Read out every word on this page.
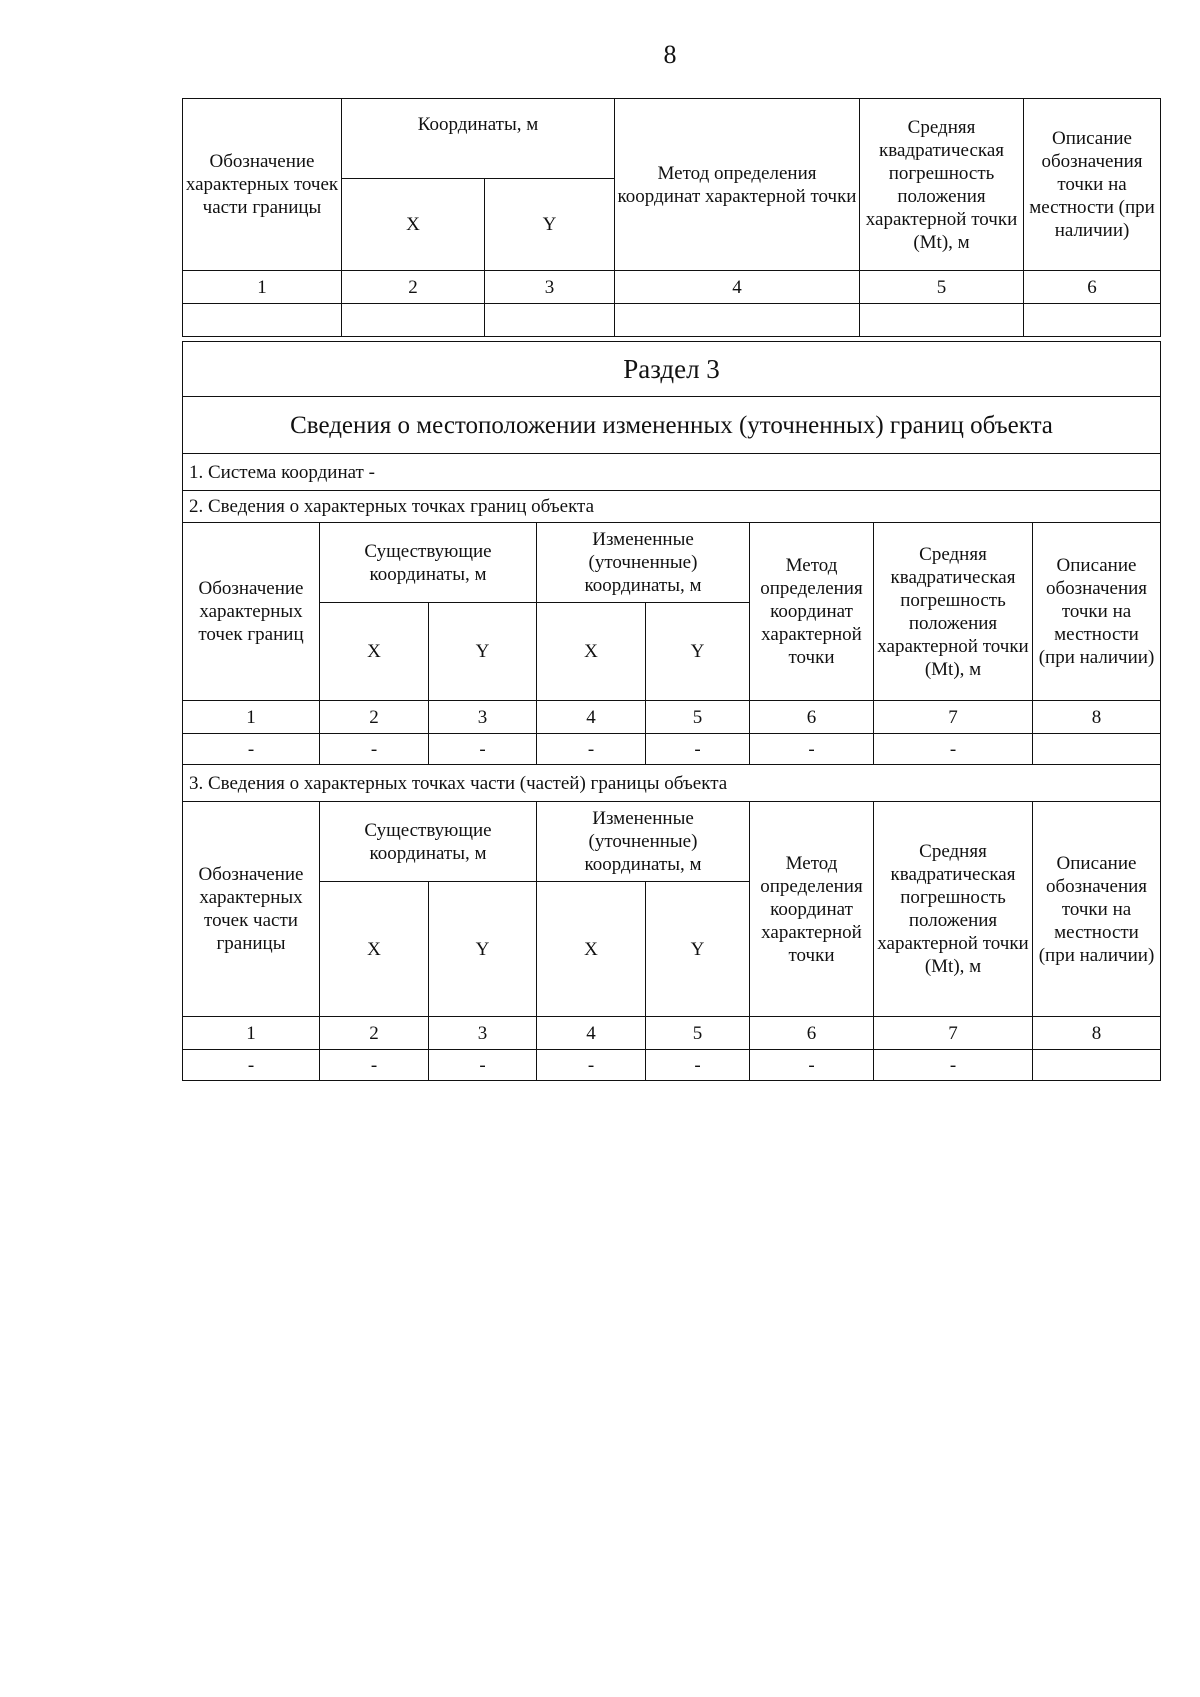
8
Обозначение характерных точек части границы	Координаты, м		Метод определения координат характерной точки	Средняя квадратическая погрешность положения характерной точки (Mt), м	Описание обозначения точки на местности (при наличии)
	X	Y			
1	2	3	4	5	6

Раздел 3							
Сведения о местоположении измененных (уточненных) границ объекта							
1. Система координат -							
2. Сведения о характерных точках границ объекта							
Обозначение характерных точек границ	Существующие координаты, м		Измененные (уточненные) координаты, м		Метод определения координат характерной точки	Средняя квадратическая погрешность положения характерной точки (Mt), м	Описание обозначения точки на местности (при наличии)
	X	Y	X	Y			
1	2	3	4	5	6	7	8
-	-	-	-	-	-	-	
3. Сведения о характерных точках части (частей) границы объекта							
Обозначение характерных точек части границы	Существующие координаты, м		Измененные (уточненные) координаты, м		Метод определения координат характерной точки	Средняя квадратическая погрешность положения характерной точки (Mt), м	Описание обозначения точки на местности (при наличии)
	X	Y	X	Y			
1	2	3	4	5	6	7	8
-	-	-	-	-	-	-	
